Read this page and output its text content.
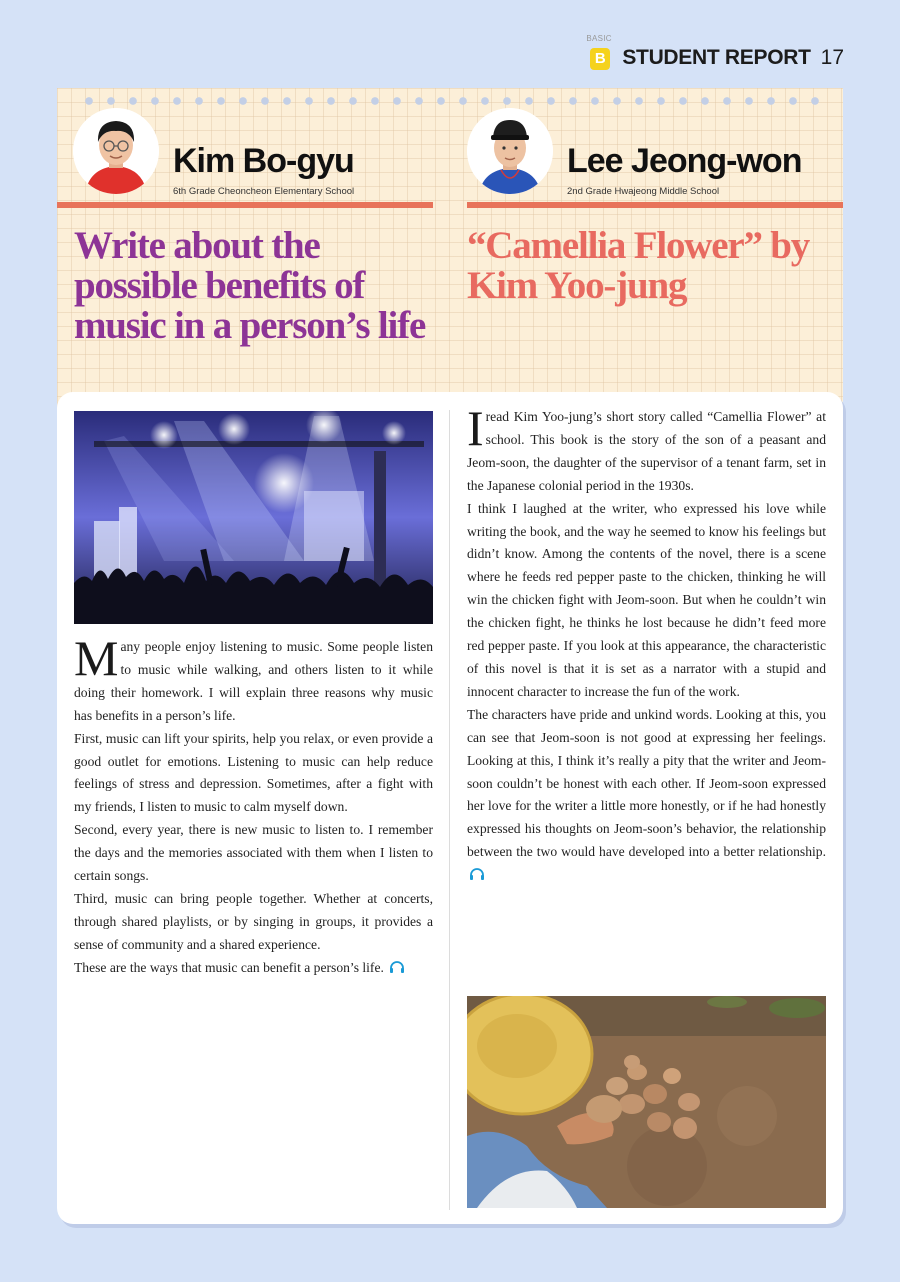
BASIC
B STUDENT REPORT 17
Kim Bo-gyu
6th Grade Cheoncheon Elementary School
Lee Jeong-won
2nd Grade Hwajeong Middle School
Write about the possible benefits of music in a person’s life
“Camellia Flower” by Kim Yoo-jung

Many people enjoy listening to music. Some people listen to music while walking, and others listen to it while doing their homework. I will explain three reasons why music has benefits in a person’s life.

First, music can lift your spirits, help you relax, or even provide a good outlet for emotions. Listening to music can help reduce feelings of stress and depression. Sometimes, after a fight with my friends, I listen to music to calm myself down.

Second, every year, there is new music to listen to. I remember the days and the memories associated with them when I listen to certain songs.

Third, music can bring people together. Whether at concerts, through shared playlists, or by singing in groups, it provides a sense of community and a shared experience.

These are the ways that music can benefit a person’s life.

Iread Kim Yoo-jung’s short story called “Camellia Flower” at school. This book is the story of the son of a peasant and Jeom-soon, the daughter of the supervisor of a tenant farm, set in the Japanese colonial period in the 1930s.

I think I laughed at the writer, who expressed his love while writing the book, and the way he seemed to know his feelings but didn’t know. Among the contents of the novel, there is a scene where he feeds red pepper paste to the chicken, thinking he will win the chicken fight with Jeom-soon. But when he couldn’t win the chicken fight, he thinks he lost because he didn’t feed more red pepper paste. If you look at this appearance, the characteristic of this novel is that it is set as a narrator with a stupid and innocent character to increase the fun of the work.

The characters have pride and unkind words. Looking at this, you can see that Jeom-soon is not good at expressing her feelings. Looking at this, I think it’s really a pity that the writer and Jeom-soon couldn’t be honest with each other. If Jeom-soon expressed her love for the writer a little more honestly, or if he had honestly expressed his thoughts on Jeom-soon’s behavior, the relationship between the two would have developed into a better relationship.
